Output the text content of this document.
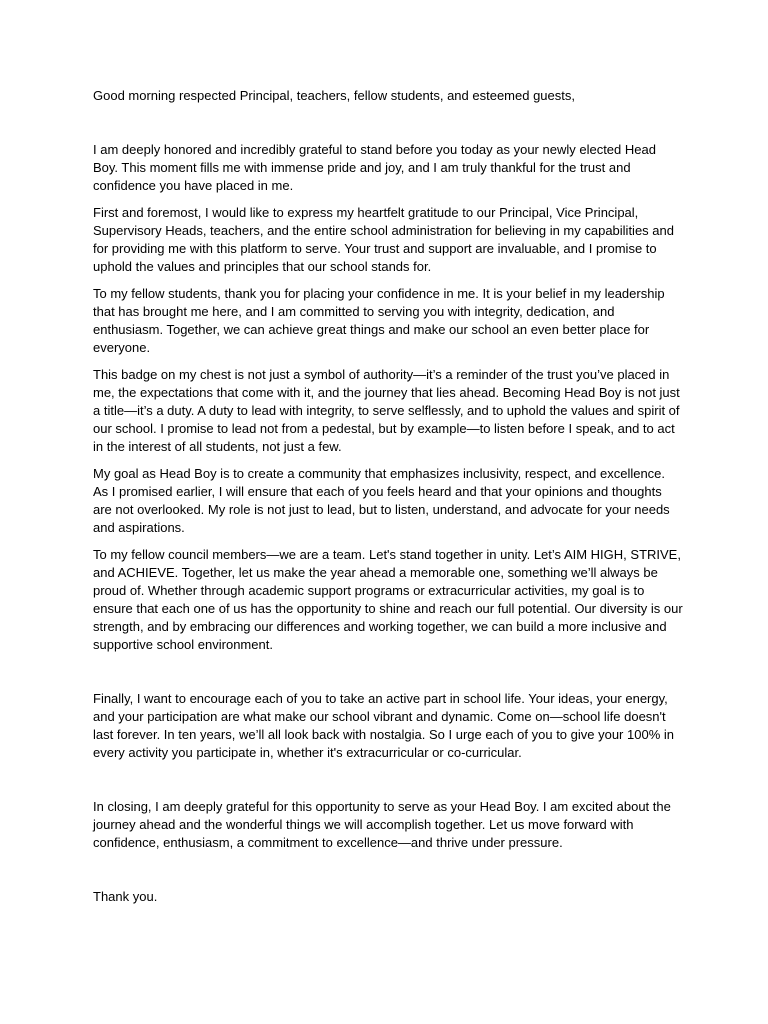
Good morning respected Principal, teachers, fellow students, and esteemed guests,

I am deeply honored and incredibly grateful to stand before you today as your newly elected Head Boy. This moment fills me with immense pride and joy, and I am truly thankful for the trust and confidence you have placed in me.

First and foremost, I would like to express my heartfelt gratitude to our Principal, Vice Principal, Supervisory Heads, teachers, and the entire school administration for believing in my capabilities and for providing me with this platform to serve. Your trust and support are invaluable, and I promise to uphold the values and principles that our school stands for.

To my fellow students, thank you for placing your confidence in me. It is your belief in my leadership that has brought me here, and I am committed to serving you with integrity, dedication, and enthusiasm. Together, we can achieve great things and make our school an even better place for everyone.

This badge on my chest is not just a symbol of authority—it’s a reminder of the trust you’ve placed in me, the expectations that come with it, and the journey that lies ahead. Becoming Head Boy is not just a title—it’s a duty. A duty to lead with integrity, to serve selflessly, and to uphold the values and spirit of our school. I promise to lead not from a pedestal, but by example—to listen before I speak, and to act in the interest of all students, not just a few.

My goal as Head Boy is to create a community that emphasizes inclusivity, respect, and excellence. As I promised earlier, I will ensure that each of you feels heard and that your opinions and thoughts are not overlooked. My role is not just to lead, but to listen, understand, and advocate for your needs and aspirations.

To my fellow council members—we are a team. Let's stand together in unity. Let’s AIM HIGH, STRIVE, and ACHIEVE. Together, let us make the year ahead a memorable one, something we’ll always be proud of. Whether through academic support programs or extracurricular activities, my goal is to ensure that each one of us has the opportunity to shine and reach our full potential. Our diversity is our strength, and by embracing our differences and working together, we can build a more inclusive and supportive school environment.

Finally, I want to encourage each of you to take an active part in school life. Your ideas, your energy, and your participation are what make our school vibrant and dynamic. Come on—school life doesn't last forever. In ten years, we’ll all look back with nostalgia. So I urge each of you to give your 100% in every activity you participate in, whether it's extracurricular or co-curricular.

In closing, I am deeply grateful for this opportunity to serve as your Head Boy. I am excited about the journey ahead and the wonderful things we will accomplish together. Let us move forward with confidence, enthusiasm, a commitment to excellence—and thrive under pressure.

Thank you.
